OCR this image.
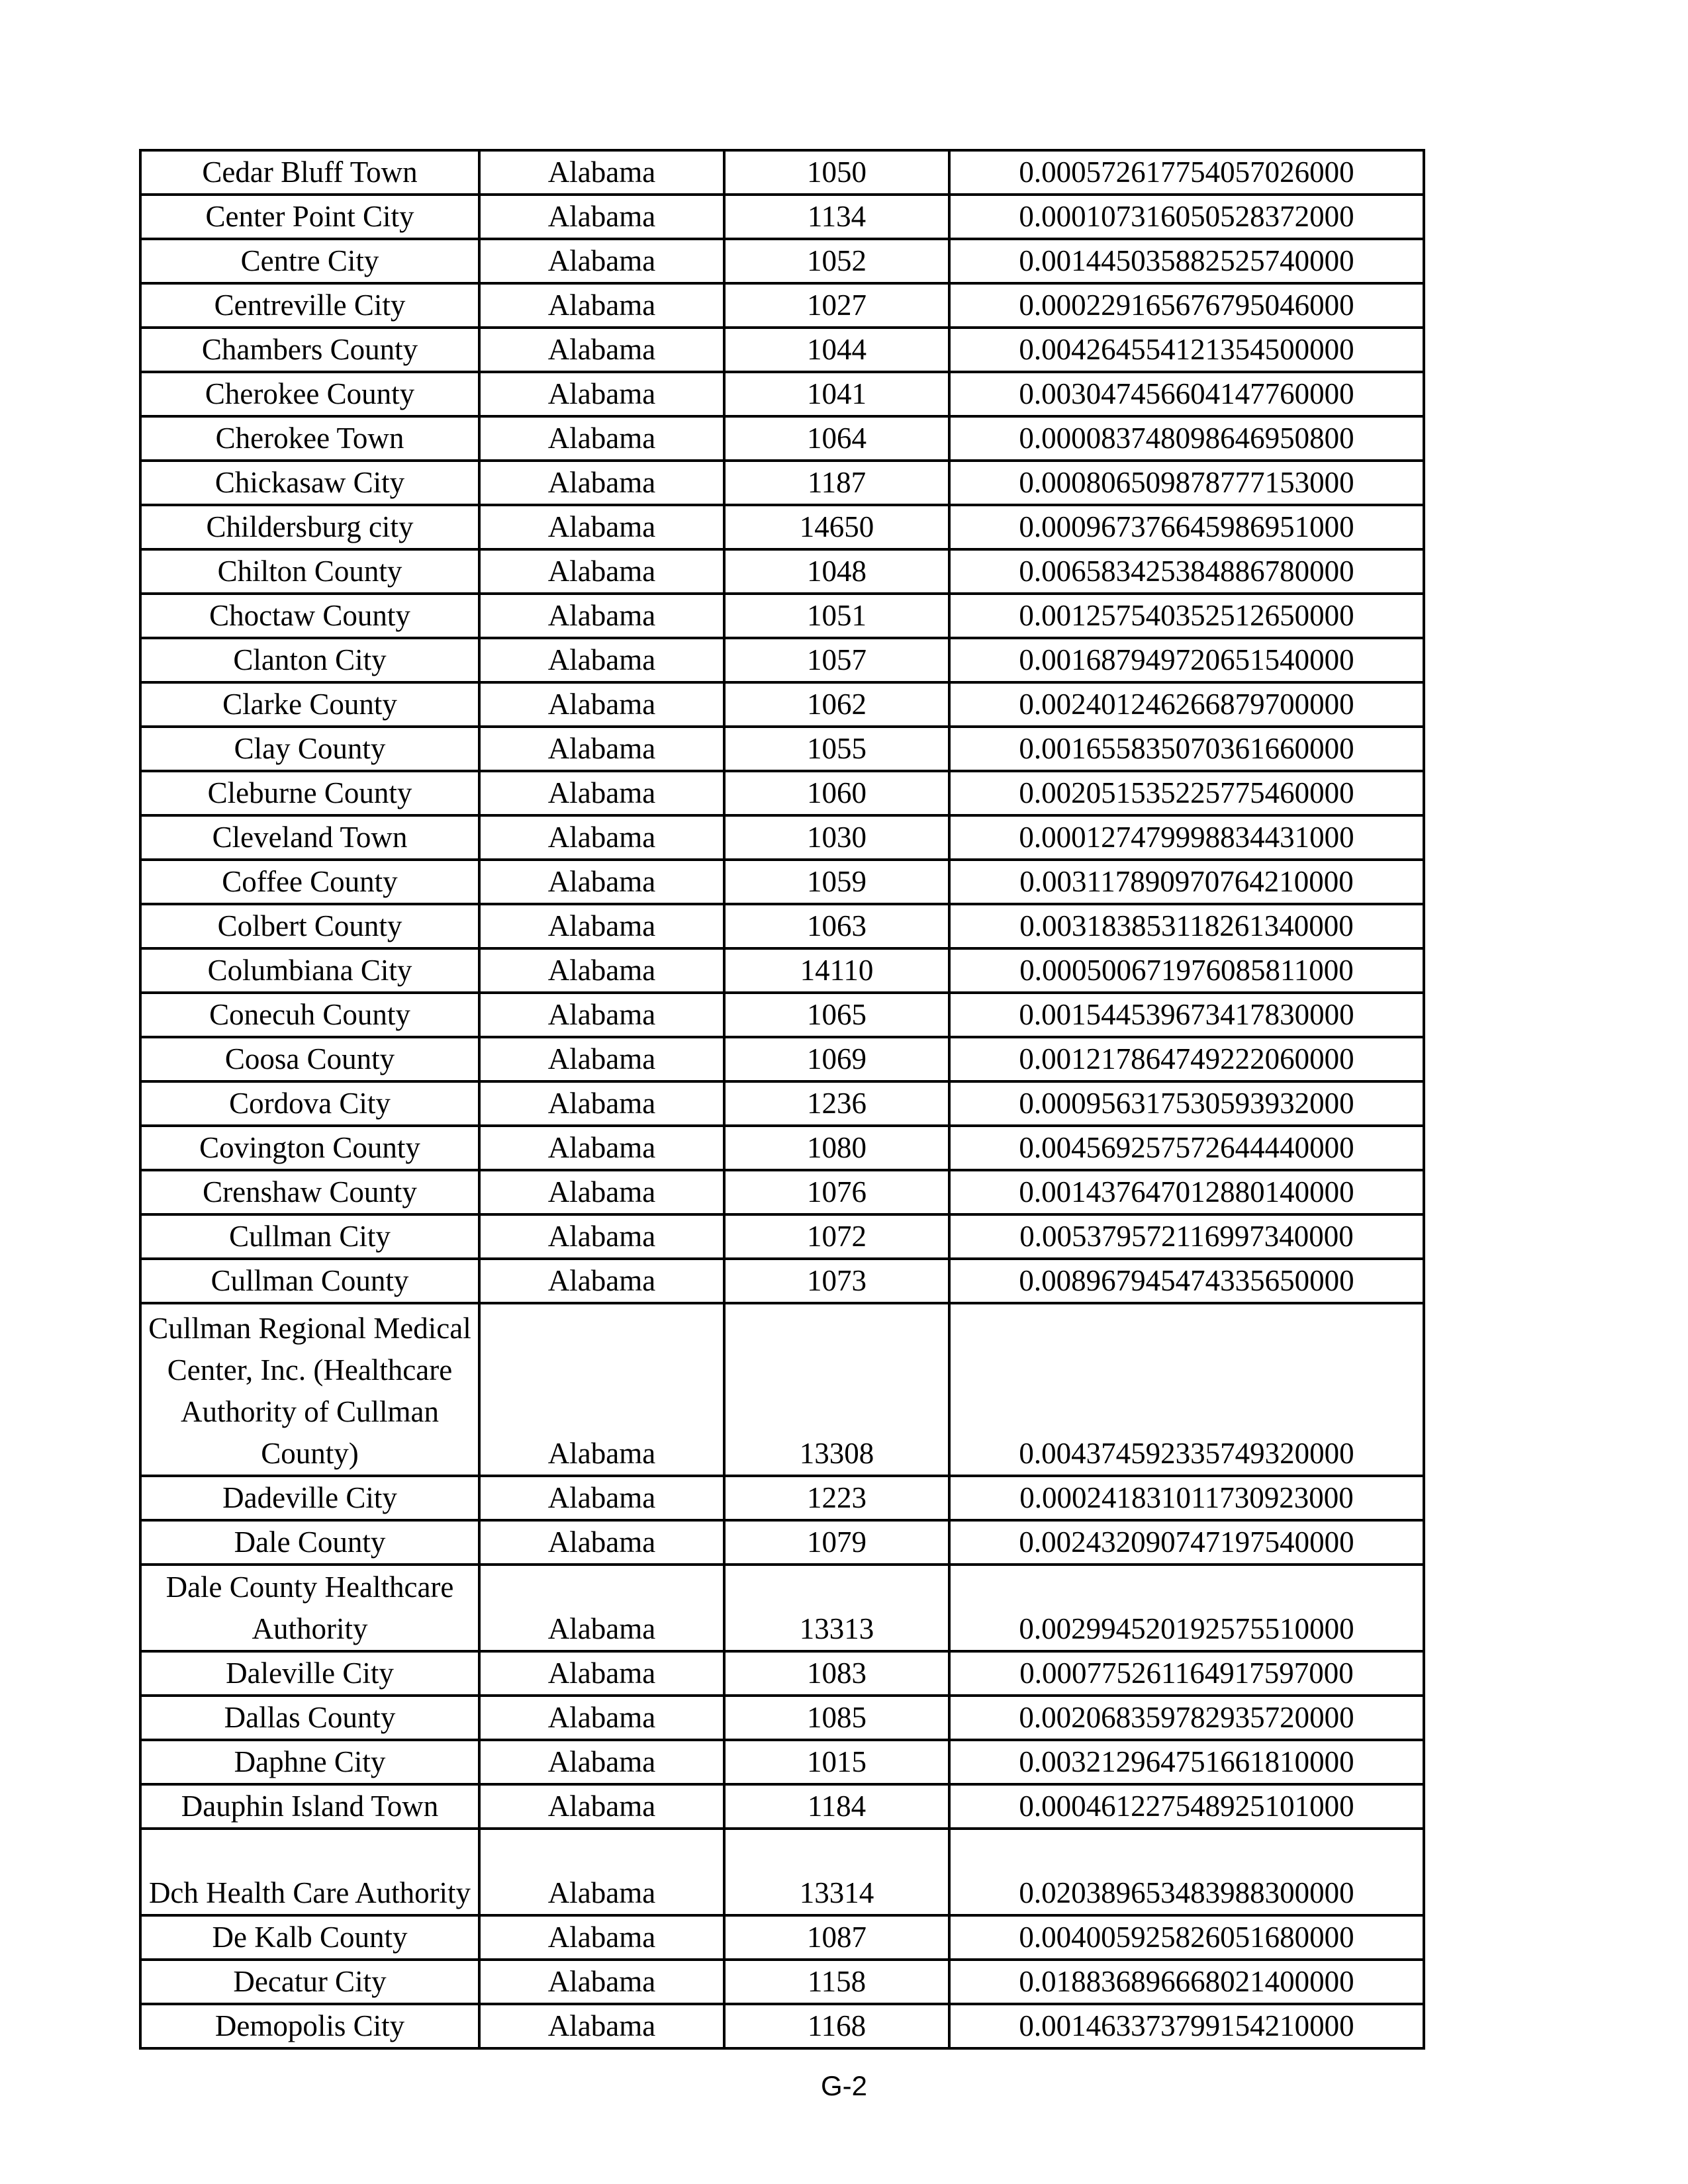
Cedar Bluff Town	Alabama	1050	0.000572617754057026000
Center Point City	Alabama	1134	0.000107316050528372000
Centre City	Alabama	1052	0.001445035882525740000
Centreville City	Alabama	1027	0.000229165676795046000
Chambers County	Alabama	1044	0.004264554121354500000
Cherokee County	Alabama	1041	0.003047456604147760000
Cherokee Town	Alabama	1064	0.000083748098646950800
Chickasaw City	Alabama	1187	0.000806509878777153000
Childersburg city	Alabama	14650	0.000967376645986951000
Chilton County	Alabama	1048	0.006583425384886780000
Choctaw County	Alabama	1051	0.001257540352512650000
Clanton City	Alabama	1057	0.001687949720651540000
Clarke County	Alabama	1062	0.002401246266879700000
Clay County	Alabama	1055	0.001655835070361660000
Cleburne County	Alabama	1060	0.002051535225775460000
Cleveland Town	Alabama	1030	0.000127479998834431000
Coffee County	Alabama	1059	0.003117890970764210000
Colbert County	Alabama	1063	0.003183853118261340000
Columbiana City	Alabama	14110	0.000500671976085811000
Conecuh County	Alabama	1065	0.001544539673417830000
Coosa County	Alabama	1069	0.001217864749222060000
Cordova City	Alabama	1236	0.000956317530593932000
Covington County	Alabama	1080	0.004569257572644440000
Crenshaw County	Alabama	1076	0.001437647012880140000
Cullman City	Alabama	1072	0.005379572116997340000
Cullman County	Alabama	1073	0.008967945474335650000
Cullman Regional Medical Center, Inc. (Healthcare Authority of Cullman County)	Alabama	13308	0.004374592335749320000
Dadeville City	Alabama	1223	0.000241831011730923000
Dale County	Alabama	1079	0.002432090747197540000
Dale County Healthcare Authority	Alabama	13313	0.002994520192575510000
Daleville City	Alabama	1083	0.000775261164917597000
Dallas County	Alabama	1085	0.002068359782935720000
Daphne City	Alabama	1015	0.003212964751661810000
Dauphin Island Town	Alabama	1184	0.000461227548925101000
Dch Health Care Authority	Alabama	13314	0.020389653483988300000
De Kalb County	Alabama	1087	0.004005925826051680000
Decatur City	Alabama	1158	0.018836896668021400000
Demopolis City	Alabama	1168	0.001463373799154210000
G-2
